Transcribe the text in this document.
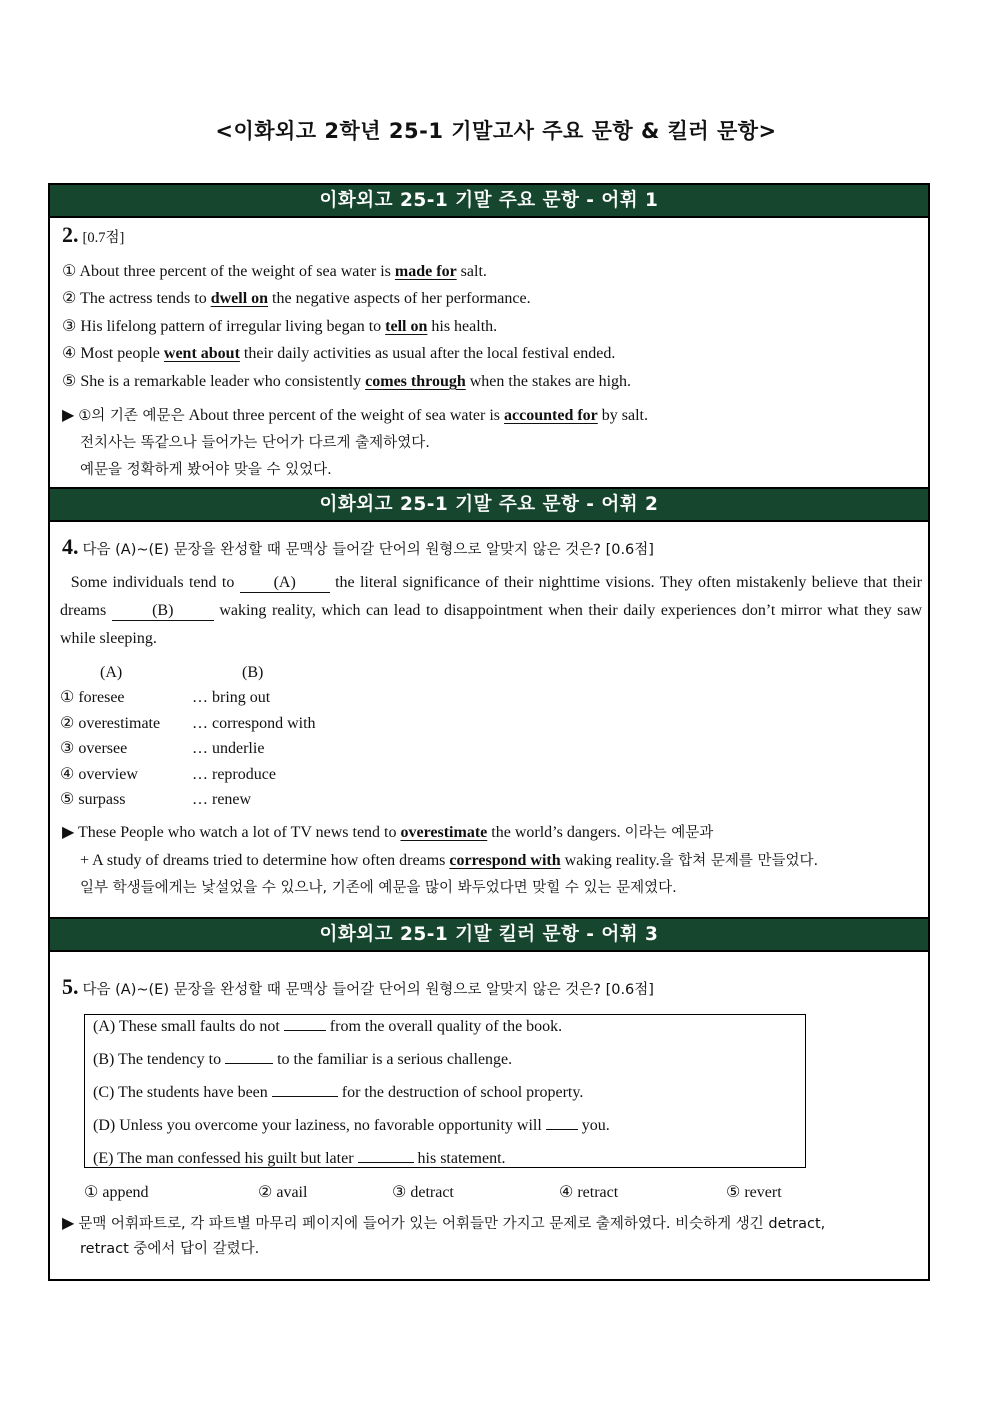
<이화외고 2학년 25-1 기말고사 주요 문항 & 킬러 문항>
이화외고 25-1 기말 주요 문항 - 어휘 1
2. [0.7점]
① About three percent of the weight of sea water is made for salt.
② The actress tends to dwell on the negative aspects of her performance.
③ His lifelong pattern of irregular living began to tell on his health.
④ Most people went about their daily activities as usual after the local festival ended.
⑤ She is a remarkable leader who consistently comes through when the stakes are high.
▶ ①의 기존 예문은 About three percent of the weight of sea water is accounted for by salt.
전치사는 똑같으나 들어가는 단어가 다르게 출제하였다.
예문을 정확하게 봤어야 맞을 수 있었다.
이화외고 25-1 기말 주요 문항 - 어휘 2
4. 다음 (A)~(E) 문장을 완성할 때 문맥상 들어갈 단어의 원형으로 알맞지 않은 것은? [0.6점]
Some individuals tend to (A) the literal significance of their nighttime visions. They often mistakenly believe that their dreams	(B)	waking reality, which can lead to disappointment when their daily experiences don’t mirror what they saw while sleeping.
(A)	(B)
① foresee	… bring out
② overestimate … correspond with
③ oversee	… underlie
④ overview	… reproduce
⑤ surpass	… renew
▶ These People who watch a lot of TV news tend to overestimate the world’s dangers. 이라는 예문과
+ A study of dreams tried to determine how often dreams correspond with waking reality.을 합쳐 문제를 만들었다.
일부 학생들에게는 낯설었을 수 있으나, 기존에 예문을 많이 봐두었다면 맞힐 수 있는 문제였다.
이화외고 25-1 기말 킬러 문항 - 어휘 3
5. 다음 (A)~(E) 문장을 완성할 때 문맥상 들어갈 단어의 원형으로 알맞지 않은 것은? [0.6점]
(A) These small faults do not	from the overall quality of the book.
(B) The tendency to	to the familiar is a serious challenge.
(C) The students have been	for the destruction of school property.
(D) Unless you overcome your laziness, no favorable opportunity will	you.
(E) The man confessed his guilt but later	his statement.
① append	② avail	③ detract	④ retract	⑤ revert
▶ 문맥 어휘파트로, 각 파트별 마무리 페이지에 들어가 있는 어휘들만 가지고 문제로 출제하였다. 비슷하게 생긴 detract,
retract 중에서 답이 갈렸다.
